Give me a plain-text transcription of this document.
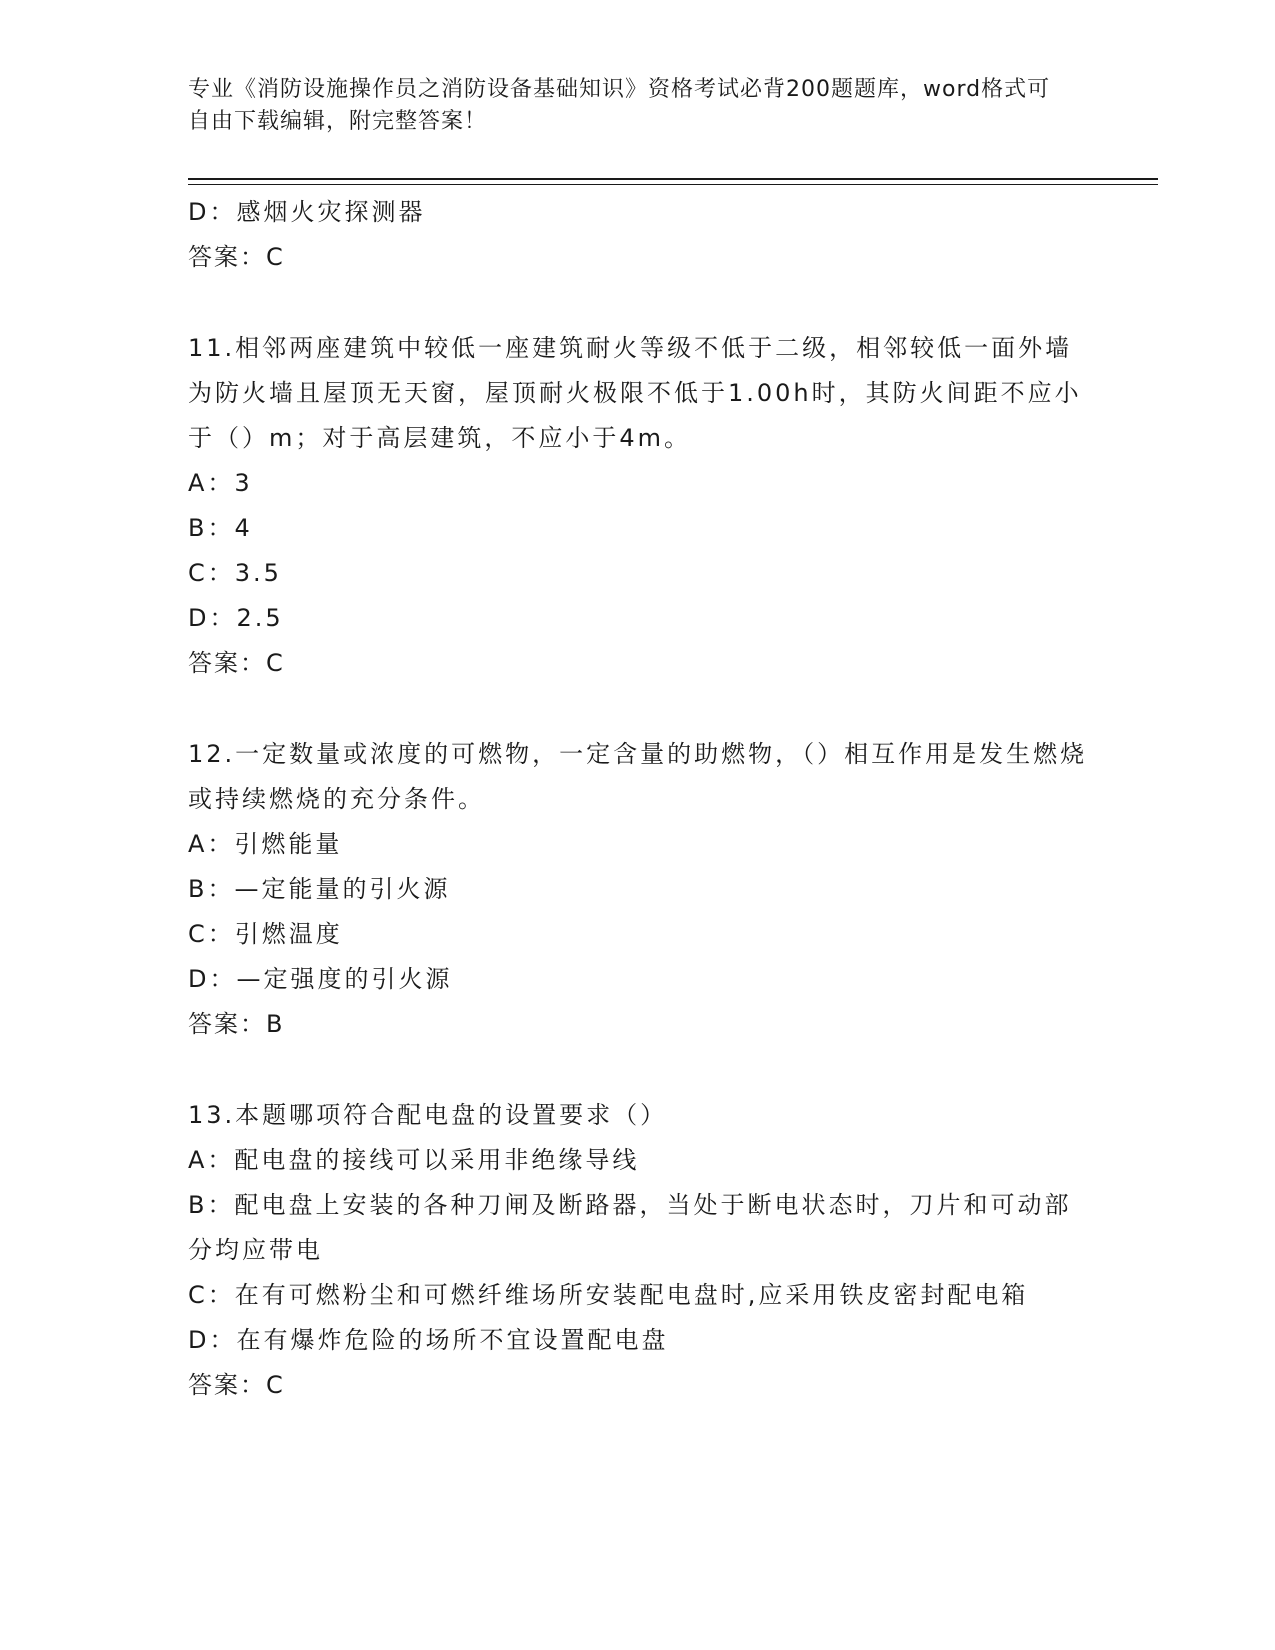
专业《消防设施操作员之消防设备基础知识》资格考试必背200题题库，word格式可自由下载编辑，附完整答案！

D：感烟火灾探测器

答案：C

11.相邻两座建筑中较低一座建筑耐火等级不低于二级，相邻较低一面外墙为防火墙且屋顶无天窗，屋顶耐火极限不低于1.00h时，其防火间距不应小于（）m；对于高层建筑，不应小于4m。

A：3

B：4

C：3.5

D：2.5

答案：C

12.一定数量或浓度的可燃物，一定含量的助燃物，（）相互作用是发生燃烧或持续燃烧的充分条件。

A：引燃能量

B：—定能量的引火源

C：引燃温度

D：—定强度的引火源

答案：B

13.本题哪项符合配电盘的设置要求（）

A：配电盘的接线可以采用非绝缘导线

B：配电盘上安装的各种刀闸及断路器，当处于断电状态时，刀片和可动部分均应带电

C：在有可燃粉尘和可燃纤维场所安装配电盘时,应采用铁皮密封配电箱

D：在有爆炸危险的场所不宜设置配电盘

答案：C
